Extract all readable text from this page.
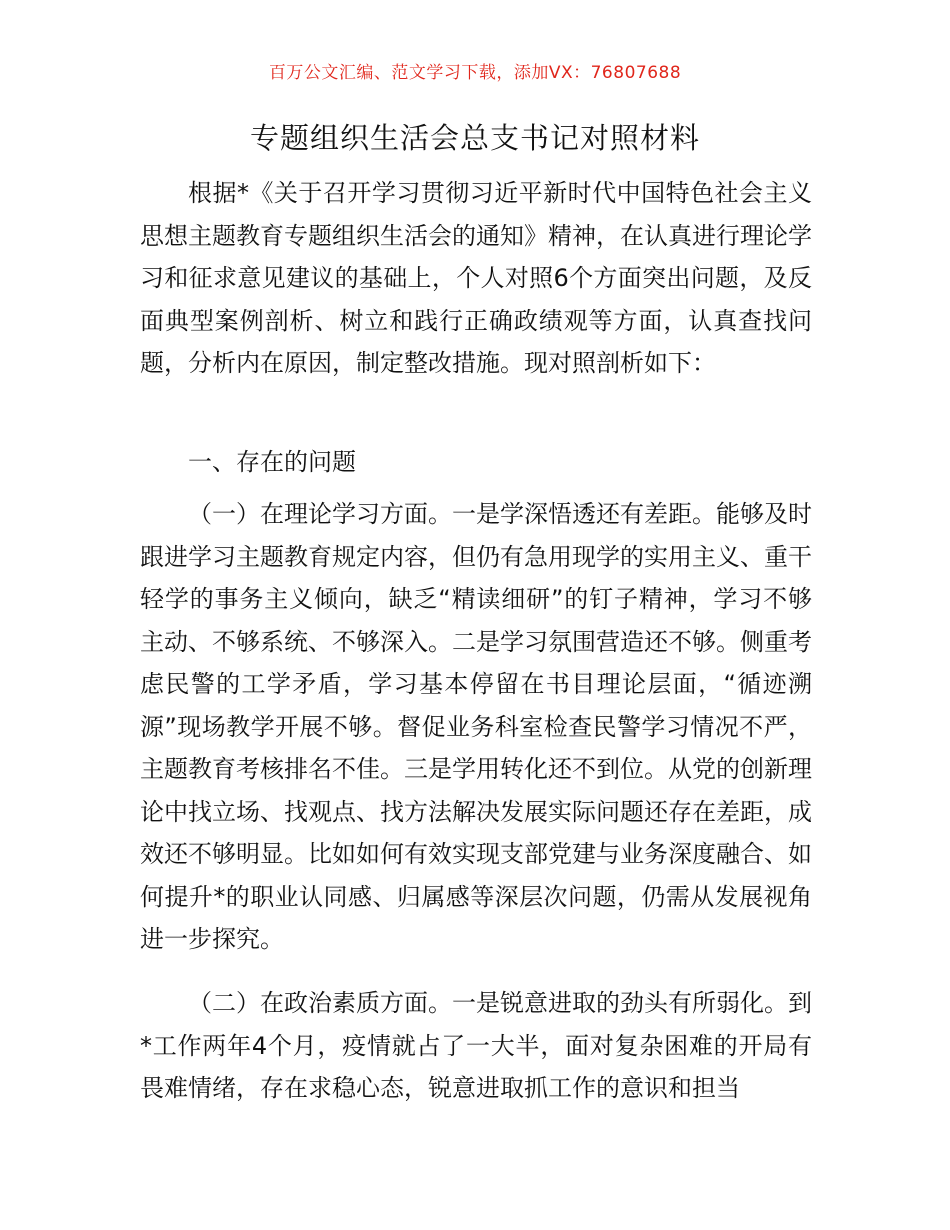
百万公文汇编、范文学习下载，添加VX：76807688
专题组织生活会总支书记对照材料

根据*《关于召开学习贯彻习近平新时代中国特色社会主义思想主题教育专题组织生活会的通知》精神，在认真进行理论学习和征求意见建议的基础上，个人对照6个方面突出问题，及反面典型案例剖析、树立和践行正确政绩观等方面，认真查找问题，分析内在原因，制定整改措施。现对照剖析如下：

一、存在的问题

（一）在理论学习方面。一是学深悟透还有差距。能够及时跟进学习主题教育规定内容，但仍有急用现学的实用主义、重干轻学的事务主义倾向，缺乏“精读细研”的钉子精神，学习不够主动、不够系统、不够深入。二是学习氛围营造还不够。侧重考虑民警的工学矛盾，学习基本停留在书目理论层面，“循迹溯源”现场教学开展不够。督促业务科室检查民警学习情况不严，主题教育考核排名不佳。三是学用转化还不到位。从党的创新理论中找立场、找观点、找方法解决发展实际问题还存在差距，成效还不够明显。比如如何有效实现支部党建与业务深度融合、如何提升*的职业认同感、归属感等深层次问题，仍需从发展视角进一步探究。

（二）在政治素质方面。一是锐意进取的劲头有所弱化。到*工作两年4个月，疫情就占了一大半，面对复杂困难的开局有畏难情绪，存在求稳心态，锐意进取抓工作的意识和担当
